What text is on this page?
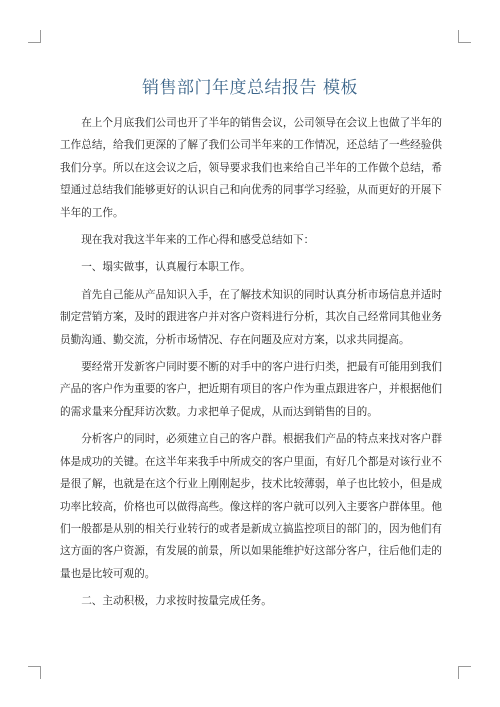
销售部门年度总结报告 模板

在上个月底我们公司也开了半年的销售会议，公司领导在会议上也做了半年的工作总结，给我们更深的了解了我们公司半年来的工作情况，还总结了一些经验供我们分享。所以在这会议之后，领导要求我们也来给自己半年的工作做个总结，希望通过总结我们能够更好的认识自己和向优秀的同事学习经验，从而更好的开展下半年的工作。

现在我对我这半年来的工作心得和感受总结如下：

一、塌实做事，认真履行本职工作。

首先自己能从产品知识入手，在了解技术知识的同时认真分析市场信息并适时制定营销方案，及时的跟进客户并对客户资料进行分析，其次自己经常同其他业务员勤沟通、勤交流，分析市场情况、存在问题及应对方案，以求共同提高。

要经常开发新客户同时要不断的对手中的客户进行归类，把最有可能用到我们产品的客户作为重要的客户，把近期有项目的客户作为重点跟进客户，并根据他们的需求量来分配拜访次数。力求把单子促成，从而达到销售的目的。

分析客户的同时，必须建立自己的客户群。根据我们产品的特点来找对客户群体是成功的关键。在这半年来我手中所成交的客户里面，有好几个都是对该行业不是很了解，也就是在这个行业上刚刚起步，技术比较薄弱，单子也比较小，但是成功率比较高，价格也可以做得高些。像这样的客户就可以列入主要客户群体里。他们一般都是从别的相关行业转行的或者是新成立搞监控项目的部门的，因为他们有这方面的客户资源，有发展的前景，所以如果能维护好这部分客户，往后他们走的量也是比较可观的。

二、主动积极，力求按时按量完成任务。
